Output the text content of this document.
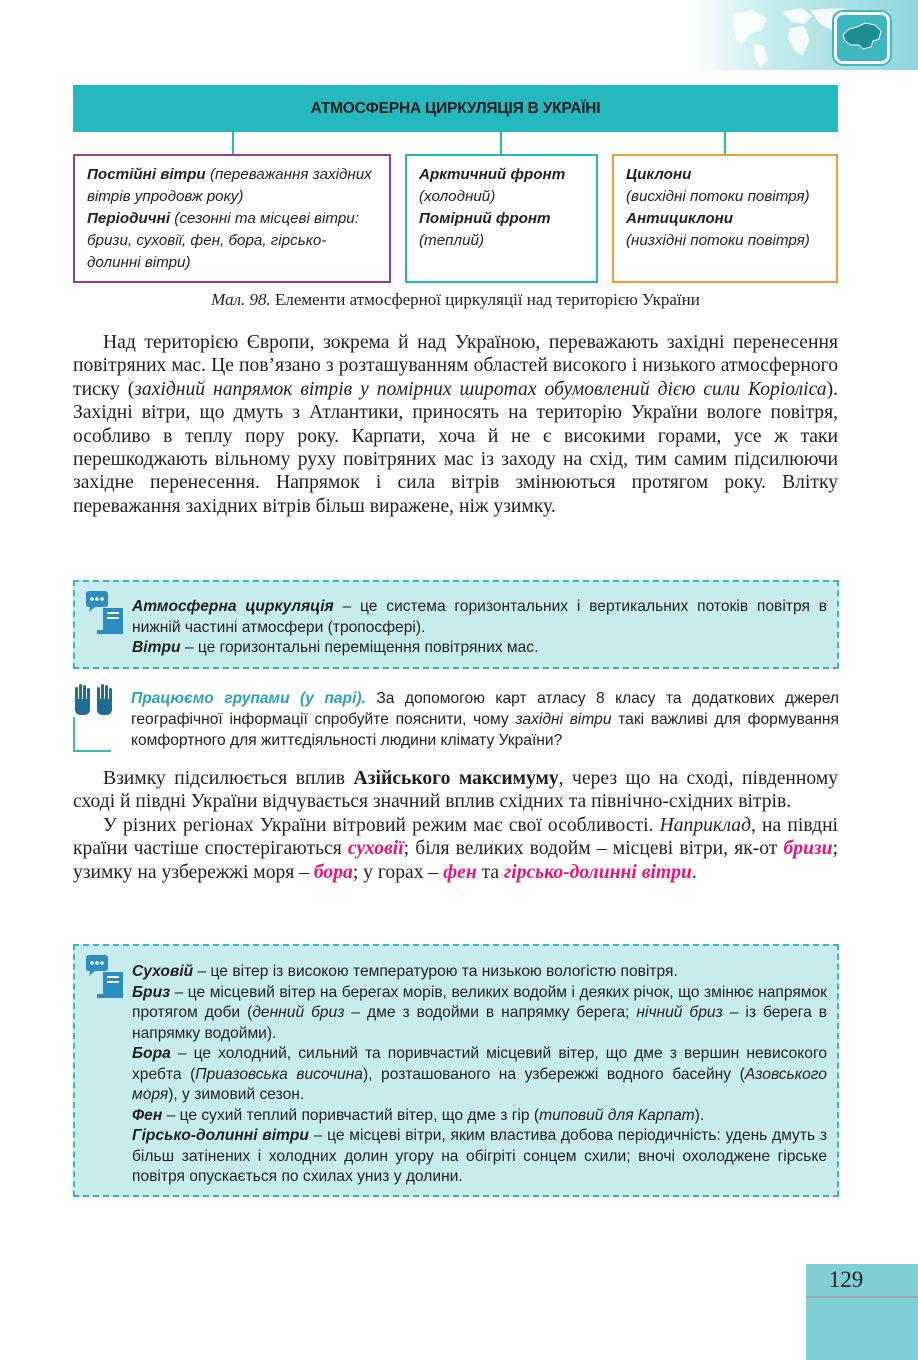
АТМОСФЕРНА ЦИРКУЛЯЦІЯ В УКРАЇНІ
Постійні вітри (переважання західних вітрів упродовж року)
Періодичні (сезонні та місцеві вітри: бризи, суховії, фен, бора, гірсько-долинні вітри)
Арктичний фронт
(холодний)
Помірний фронт
(теплий)
Циклони
(висхідні потоки повітря)
Антициклони
(низхідні потоки повітря)
Мал. 98. Елементи атмосферної циркуляції над територією України

Над територією Європи, зокрема й над Україною, переважають західні перенесення повітряних мас. Це пов’язано з розташуванням областей високого і низького атмосферного тиску (західний напрямок вітрів у помірних широтах обумовлений дією сили Коріоліса). Західні вітри, що дмуть з Атлантики, приносять на територію України вологе повітря, особливо в теплу пору року. Карпати, хоча й не є високими горами, усе ж таки перешкоджають вільному руху повітряних мас із заходу на схід, тим самим підсилюючи західне перенесення. Напрямок і сила вітрів змінюються протягом року. Влітку переважання західних вітрів більш виражене, ніж узимку.

Атмосферна циркуляція – це система горизонтальних і вертикальних потоків повітря в нижній частині атмосфери (тропосфері).

Вітри – це горизонтальні переміщення повітряних мас.

Працюємо групами (у парі). За допомогою карт атласу 8 класу та додаткових джерел географічної інформації спробуйте пояснити, чому західні вітри такі важливі для формування комфортного для життєдіяльності людини клімату України?

Взимку підсилюється вплив Азійського максимуму, через що на сході, південному сході й півдні України відчувається значний вплив східних та північно-східних вітрів.

У різних регіонах України вітровий режим має свої особливості. Наприклад, на півдні країни частіше спостерігаються суховії; біля великих водойм – місцеві вітри, як-от бризи; узимку на узбережжі моря – бора; у горах – фен та гірсько-долинні вітри.

Суховій – це вітер із високою температурою та низькою вологістю повітря.

Бриз – це місцевий вітер на берегах морів, великих водойм і деяких річок, що змінює напрямок протягом доби (денний бриз – дме з водойми в напрямку берега; нічний бриз – із берега в напрямку водойми).

Бора – це холодний, сильний та поривчастий місцевий вітер, що дме з вершин невисокого хребта (Приазовська височина), розташованого на узбережжі водного басейну (Азовського моря), у зимовий сезон.

Фен – це сухий теплий поривчастий вітер, що дме з гір (типовий для Карпат).

Гірсько-долинні вітри – це місцеві вітри, яким властива добова періодичність: удень дмуть з більш затінених і холодних долин угору на обігріті сонцем схили; вночі охолоджене гірське повітря опускається по схилах униз у долини.

129
